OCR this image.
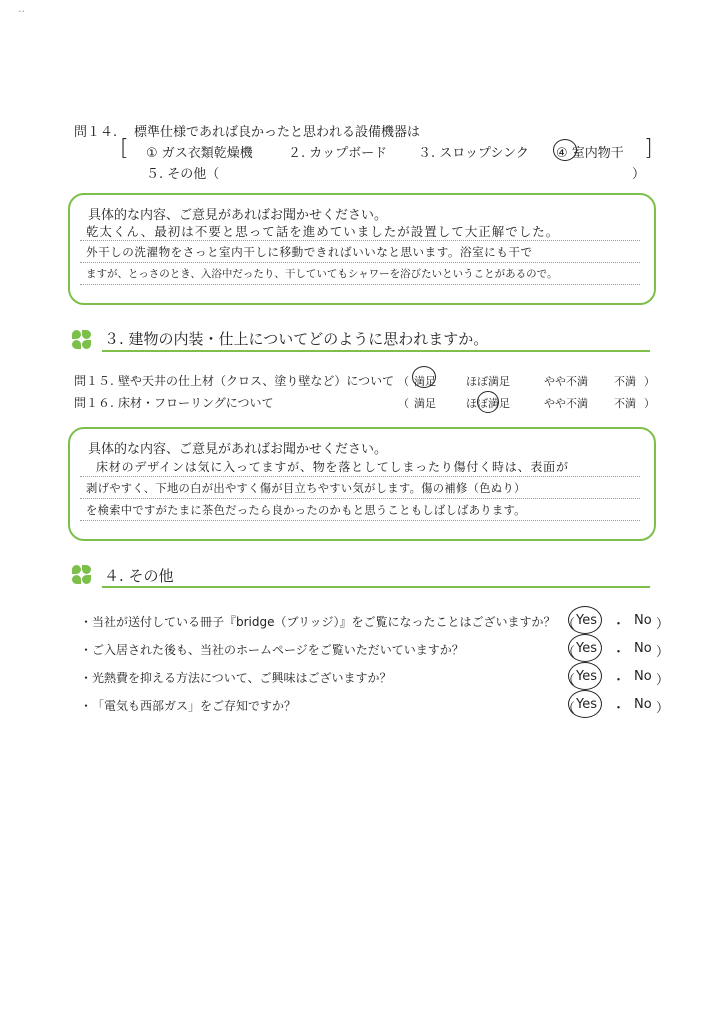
..
問１４. 標準仕様であれば良かったと思われる設備機器は
[	]
① ガス衣類乾燥機	２. カップボード ３. スロップシンク ④ 室内物干
５. その他（	）
具体的な内容、ご意見があればお聞かせください。
乾太くん、最初は不要と思って話を進めていましたが設置して大正解でした。
外干しの洗濯物をさっと室内干しに移動できればいいなと思います。浴室にも干で
ますが、とっさのとき、入浴中だったり、干していてもシャワーを浴びたいということがあるので。
３. 建物の内装・仕上についてどのように思われますか。
問１５. 壁や天井の仕上材（クロス、塗り壁など）について （ 満足	ほぼ満足	やや不満 不満 ）
問１６. 床材・フローリングについて	（ 満足	ほぼ満足	やや不満 不満 ）
具体的な内容、ご意見があればお聞かせください。
床材のデザインは気に入ってますが、物を落としてしまったり傷付く時は、表面が
剥げやすく、下地の白が出やすく傷が目立ちやすい気がします。傷の補修（色ぬり）
を検索中ですがたまに茶色だったら良かったのかもと思うこともしばしばあります。
４. その他
・ 当社が送付している冊子『bridge（ブリッジ）』をご覧になったことはございますか？ （ Yes ・ No ）
・ ご入居された後も、当社のホームページをご覧いただいていますか？	（ Yes ・ No ）
・ 光熱費を抑える方法について、ご興味はございますか？	（ Yes ・ No ）
・ 「電気も西部ガス」をご存知ですか？	（ Yes ・ No ）
